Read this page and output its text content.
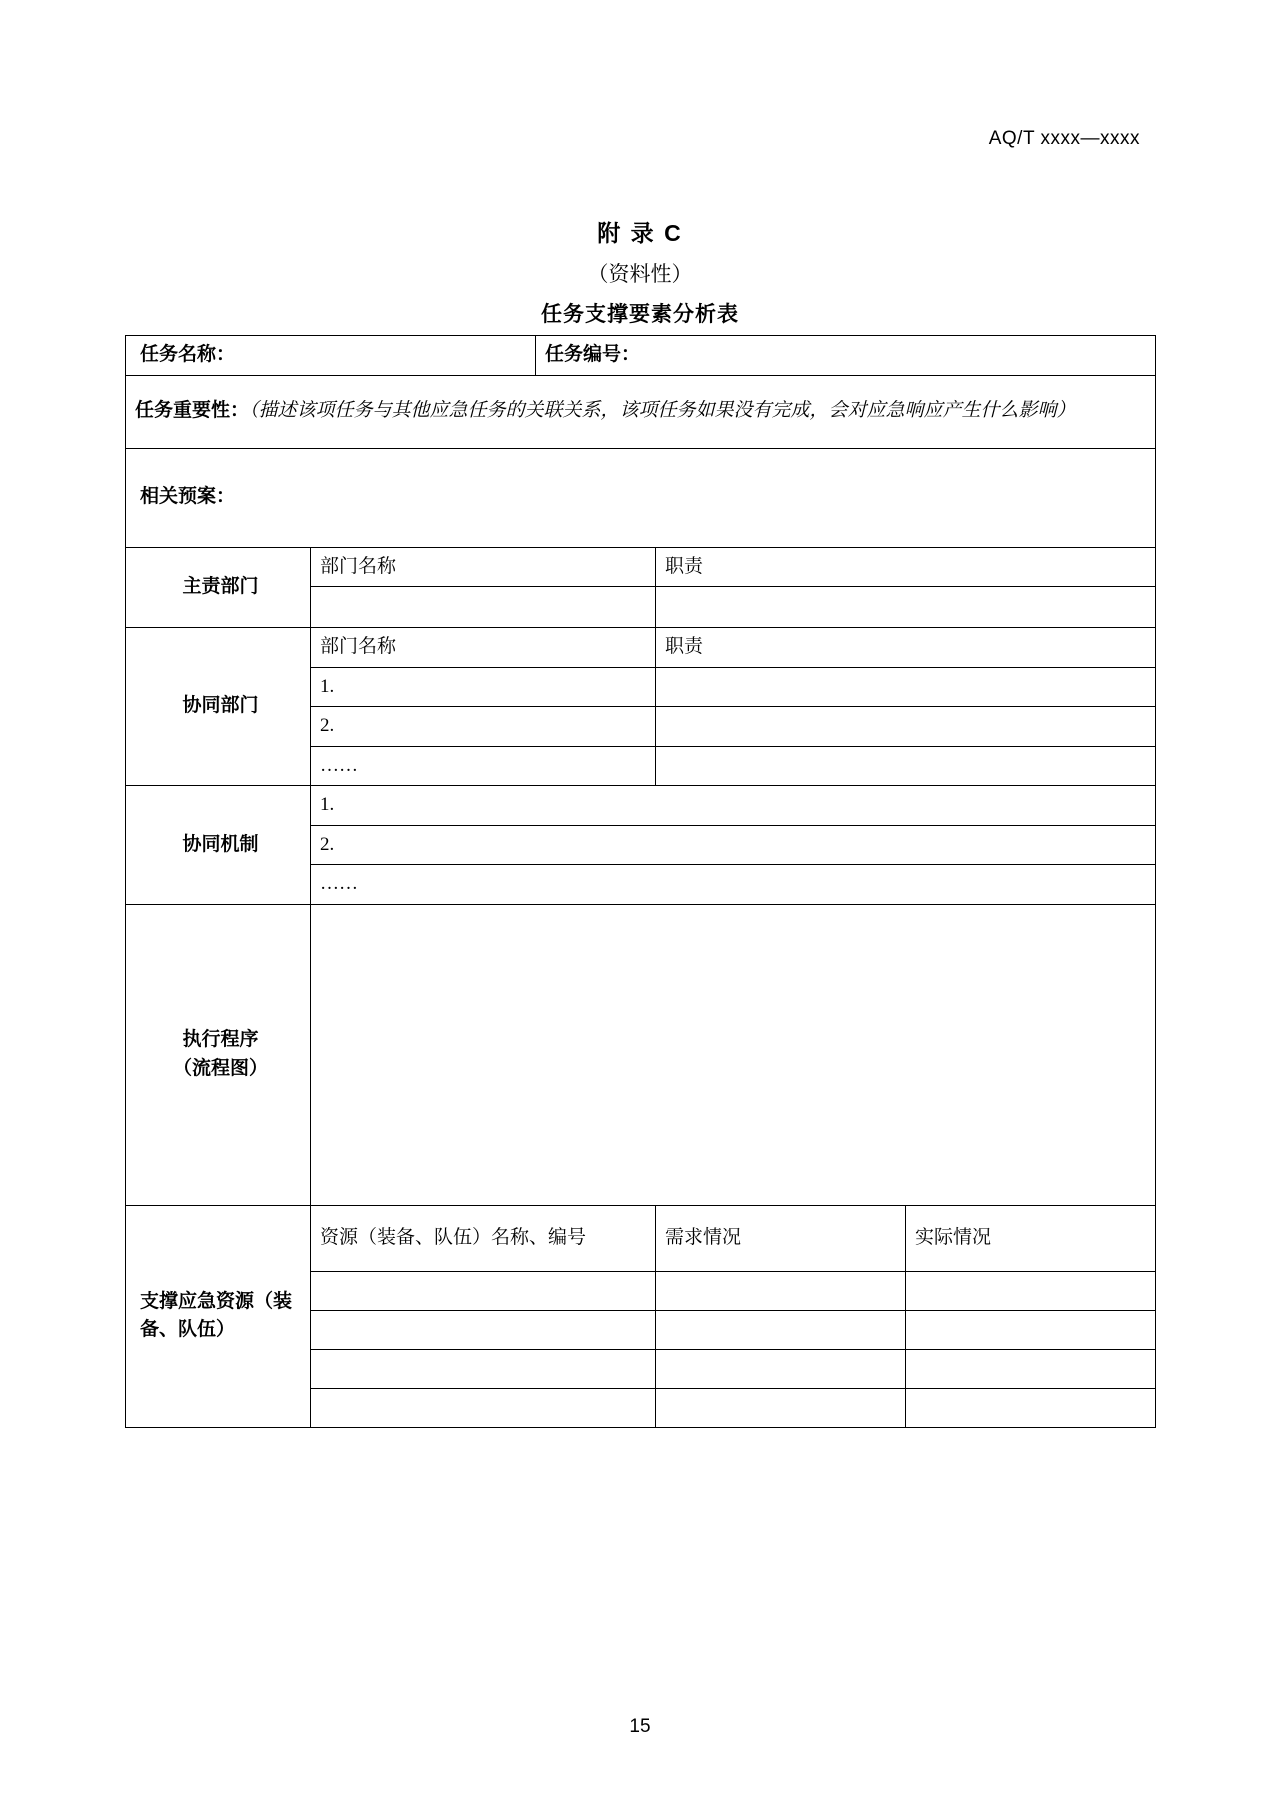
AQ/T xxxx—xxxx
附 录 C
（资料性）
任务支撑要素分析表
任务名称：		任务编号：		
任务重要性：（描述该项任务与其他应急任务的关联关系，该项任务如果没有完成，会对应急响应产生什么影响）				
相关预案：				
主责部门	部门名称		职责	

协同部门	部门名称		职责	
	1.			
	2.			
	……			
协同机制	1.			
	2.			
	……			

执行程序
（流程图）				

支撑应急资源（装备、队伍）	资源（装备、队伍）名称、编号		需求情况	实际情况

15
